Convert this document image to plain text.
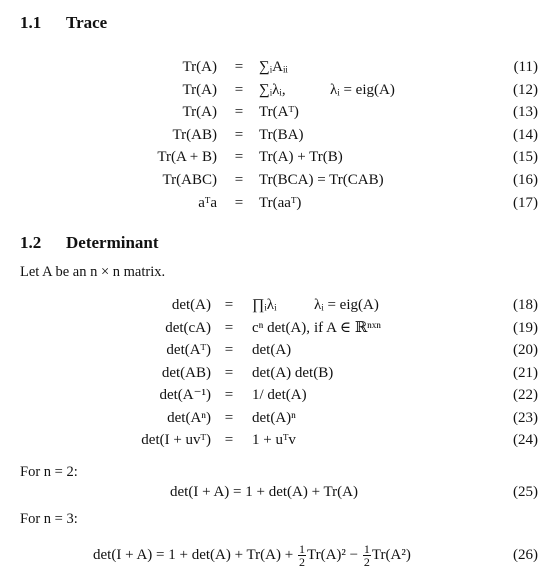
1.1 Trace
Tr(A)	=	∑ᵢAᵢᵢ	(11)
Tr(A)	=	∑ᵢλᵢ,	λᵢ = eig(A)	(12)
Tr(A)	=	Tr(Aᵀ)	(13)
Tr(AB)	=	Tr(BA)	(14)
Tr(A + B)	=	Tr(A) + Tr(B)	(15)
Tr(ABC)	=	Tr(BCA) = Tr(CAB)	(16)
aᵀa	=	Tr(aaᵀ)	(17)
1.2 Determinant
Let A be an n × n matrix.
det(A) =	∏ᵢλᵢ λᵢ = eig(A)	(18)
det(cA) =	cⁿ det(A), if A ∈ ℝⁿˣⁿ	(19)
det(Aᵀ) =	det(A)	(20)
det(AB) =	det(A) det(B)	(21)
det(A⁻¹) =	1/ det(A)	(22)
det(Aⁿ) =	det(A)ⁿ	(23)
det(I + uvᵀ) =	1 + uᵀv	(24)
For n = 2:
det(I + A) = 1 + det(A) + Tr(A)	(25)
For n = 3:
$\det(I + A) = 1 + \det(A) + Tr(A) + \frac{1}{2} Tr(A)^2 - \frac{1}{2} Tr(A^2)$	(26)
